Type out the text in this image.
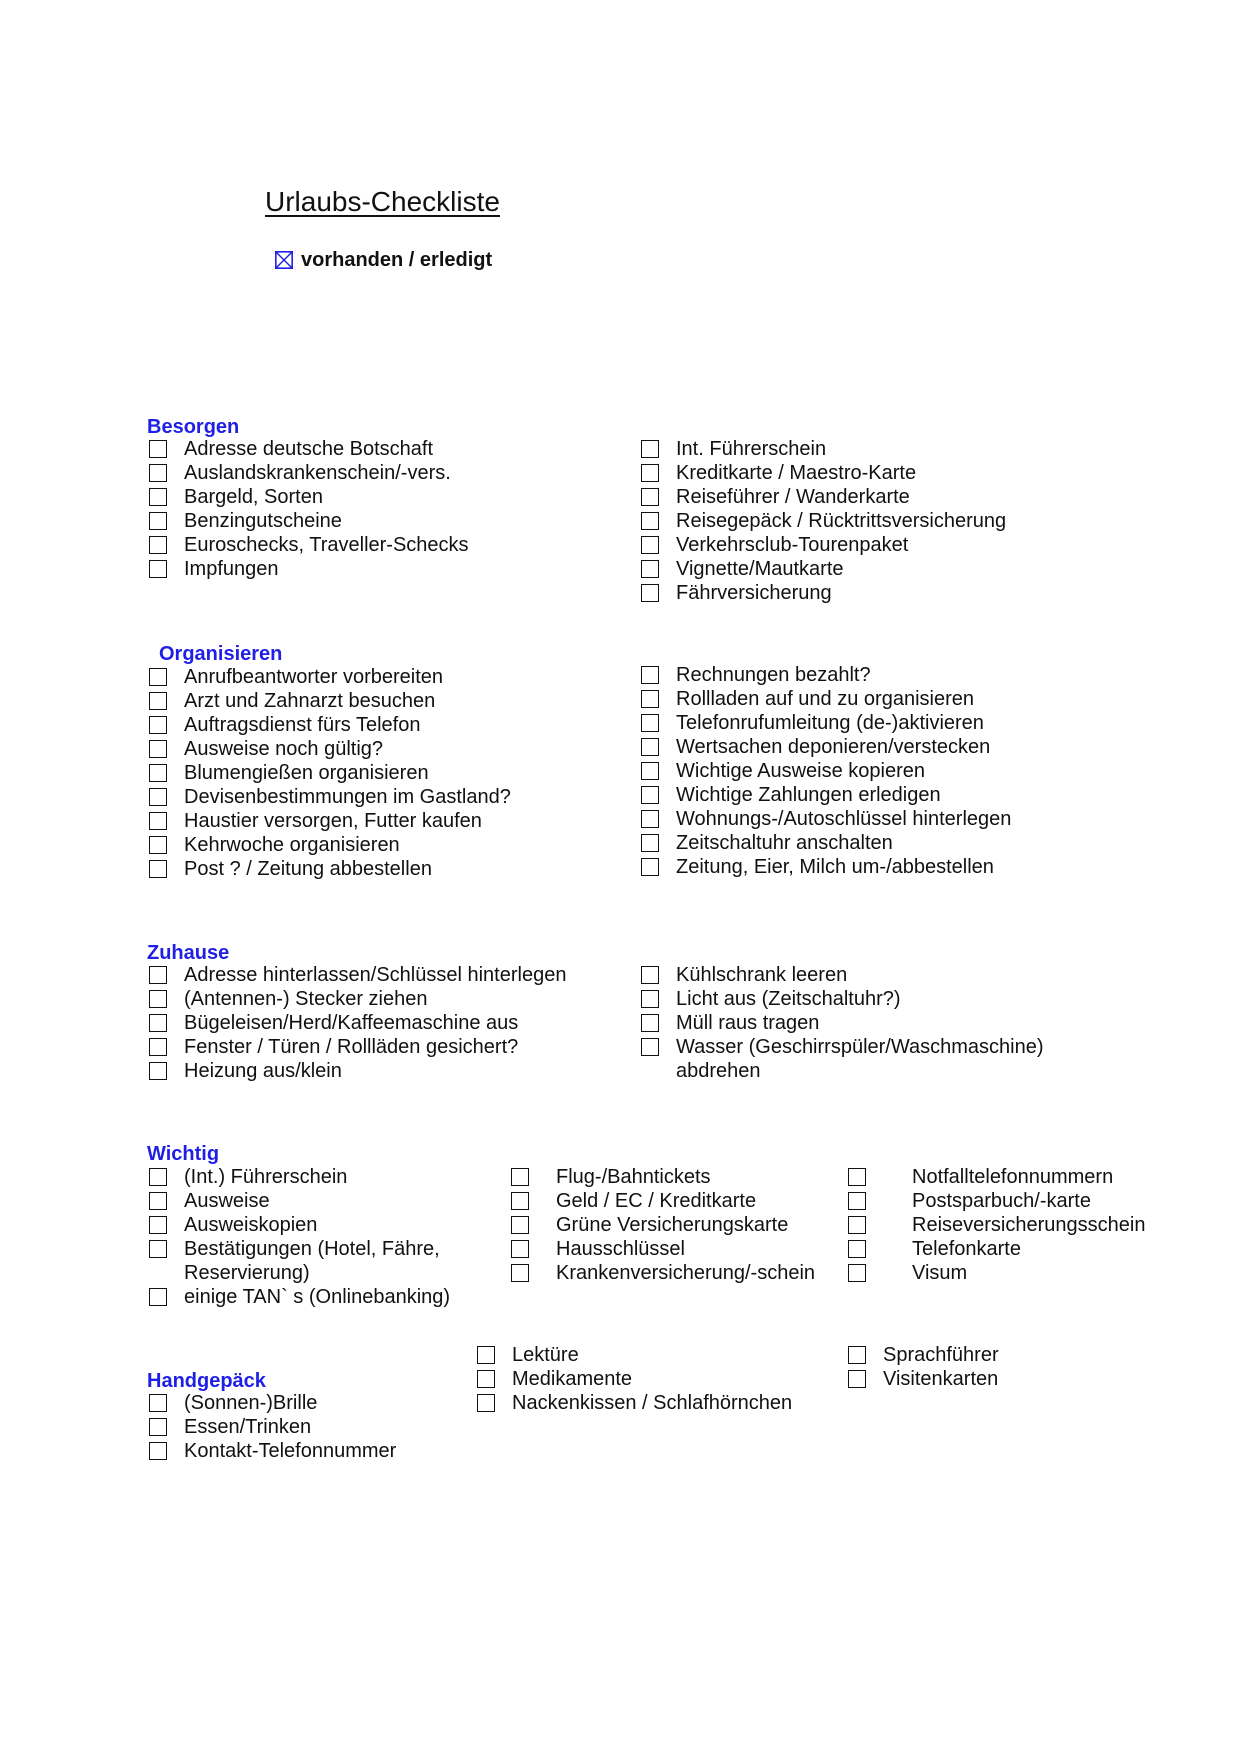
Urlaubs-Checkliste
vorhanden / erledigt
Besorgen
Adresse deutsche Botschaft
Auslandskrankenschein/-vers.
Bargeld, Sorten
Benzingutscheine
Euroschecks, Traveller-Schecks
Impfungen
Int. Führerschein
Kreditkarte / Maestro-Karte
Reiseführer / Wanderkarte
Reisegepäck / Rücktrittsversicherung
Verkehrsclub-Tourenpaket
Vignette/Mautkarte
Fährversicherung
Organisieren
Anrufbeantworter vorbereiten
Arzt und Zahnarzt besuchen
Auftragsdienst fürs Telefon
Ausweise noch gültig?
Blumengießen organisieren
Devisenbestimmungen im Gastland?
Haustier versorgen, Futter kaufen
Kehrwoche organisieren
Post ? / Zeitung abbestellen
Rechnungen bezahlt?
Rollladen auf und zu organisieren
Telefonrufumleitung (de-)aktivieren
Wertsachen deponieren/verstecken
Wichtige Ausweise kopieren
Wichtige Zahlungen erledigen
Wohnungs-/Autoschlüssel hinterlegen
Zeitschaltuhr anschalten
Zeitung, Eier, Milch um-/abbestellen
Zuhause
Adresse hinterlassen/Schlüssel hinterlegen
(Antennen-) Stecker ziehen
Bügeleisen/Herd/Kaffeemaschine aus
Fenster / Türen / Rollläden gesichert?
Heizung aus/klein
Kühlschrank leeren
Licht aus (Zeitschaltuhr?)
Müll raus tragen
Wasser (Geschirrspüler/Waschmaschine)
abdrehen
Wichtig
(Int.) Führerschein
Ausweise
Ausweiskopien
Bestätigungen (Hotel, Fähre,
Reservierung)
einige TAN` s (Onlinebanking)
Flug-/Bahntickets
Geld / EC / Kreditkarte
Grüne Versicherungskarte
Hausschlüssel
Krankenversicherung/-schein
Notfalltelefonnummern
Postsparbuch/-karte
Reiseversicherungsschein
Telefonkarte
Visum
Handgepäck
(Sonnen-)Brille
Essen/Trinken
Kontakt-Telefonnummer
Lektüre
Medikamente
Nackenkissen / Schlafhörnchen
Sprachführer
Visitenkarten
